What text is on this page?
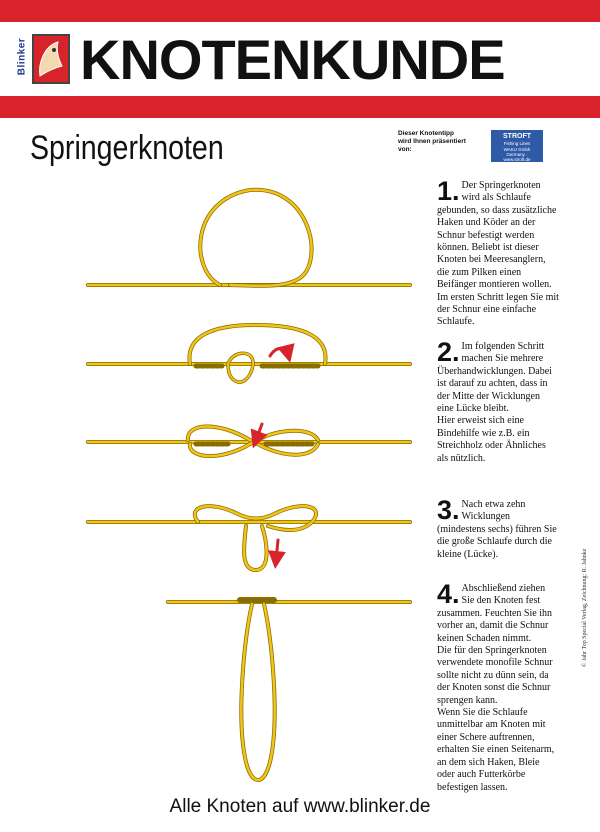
Blinker KNOTENKUNDE
Springerknoten	Dieser Knotentipp wird Ihnen präsentiert von:
STROFT
Fishing Lines
WAKU Gmbh Germany · www.stroft.de
1. Der Springerknoten wird als Schlaufe gebunden, so dass zusätzliche Haken und Köder an der Schnur befestigt werden können. Beliebt ist dieser Knoten bei Meeresanglern, die zum Pilken einen Beifänger montieren wollen.

Im ersten Schritt legen Sie mit der Schnur eine einfache Schlaufe.

2. Im folgenden Schritt machen Sie mehrere Überhandwicklungen. Dabei ist darauf zu achten, dass in der Mitte der Wicklungen eine Lücke bleibt.

Hier erweist sich eine Bindehilfe wie z.B. ein Streichholz oder Ähnliches als nützlich.

3. Nach etwa zehn Wicklungen (mindestens sechs) führen Sie die große Schlaufe durch die kleine (Lücke).

4. Abschließend ziehen Sie den Knoten fest zusammen. Feuchten Sie ihn vorher an, damit die Schnur keinen Schaden nimmt.

Die für den Springerknoten verwendete monofile Schnur sollte nicht zu dünn sein, da der Knoten sonst die Schnur sprengen kann.

Wenn Sie die Schlaufe unmittelbar am Knoten mit einer Schere auftrennen, erhalten Sie einen Seitenarm, an dem sich Haken, Bleie oder auch Futterkörbe befestigen lassen.

© Jahr Top Special Verlag, Zeichnung: R. Jahnke
Alle Knoten auf www.blinker.de
